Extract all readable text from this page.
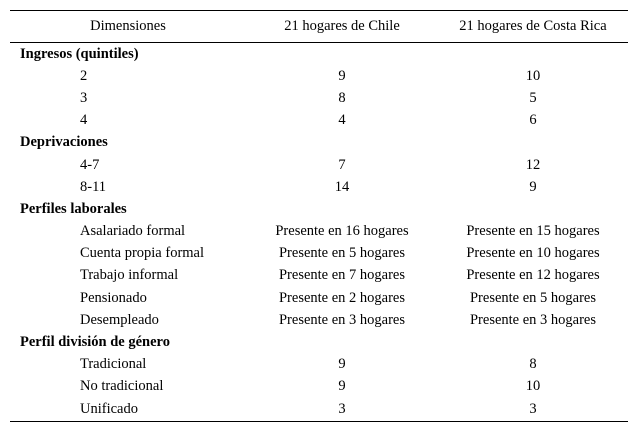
Dimensiones	21 hogares de Chile	21 hogares de Costa Rica
Ingresos (quintiles)		
2	9	10
3	8	5
4	4	6
Deprivaciones		
4-7	7	12
8-11	14	9
Perfiles laborales		
Asalariado formal	Presente en 16 hogares	Presente en 15 hogares
Cuenta propia formal	Presente en 5 hogares	Presente en 10 hogares
Trabajo informal	Presente en 7 hogares	Presente en 12 hogares
Pensionado	Presente en 2 hogares	Presente en 5 hogares
Desempleado	Presente en 3 hogares	Presente en 3 hogares
Perfil división de género		
Tradicional	9	8
No tradicional	9	10
Unificado	3	3
